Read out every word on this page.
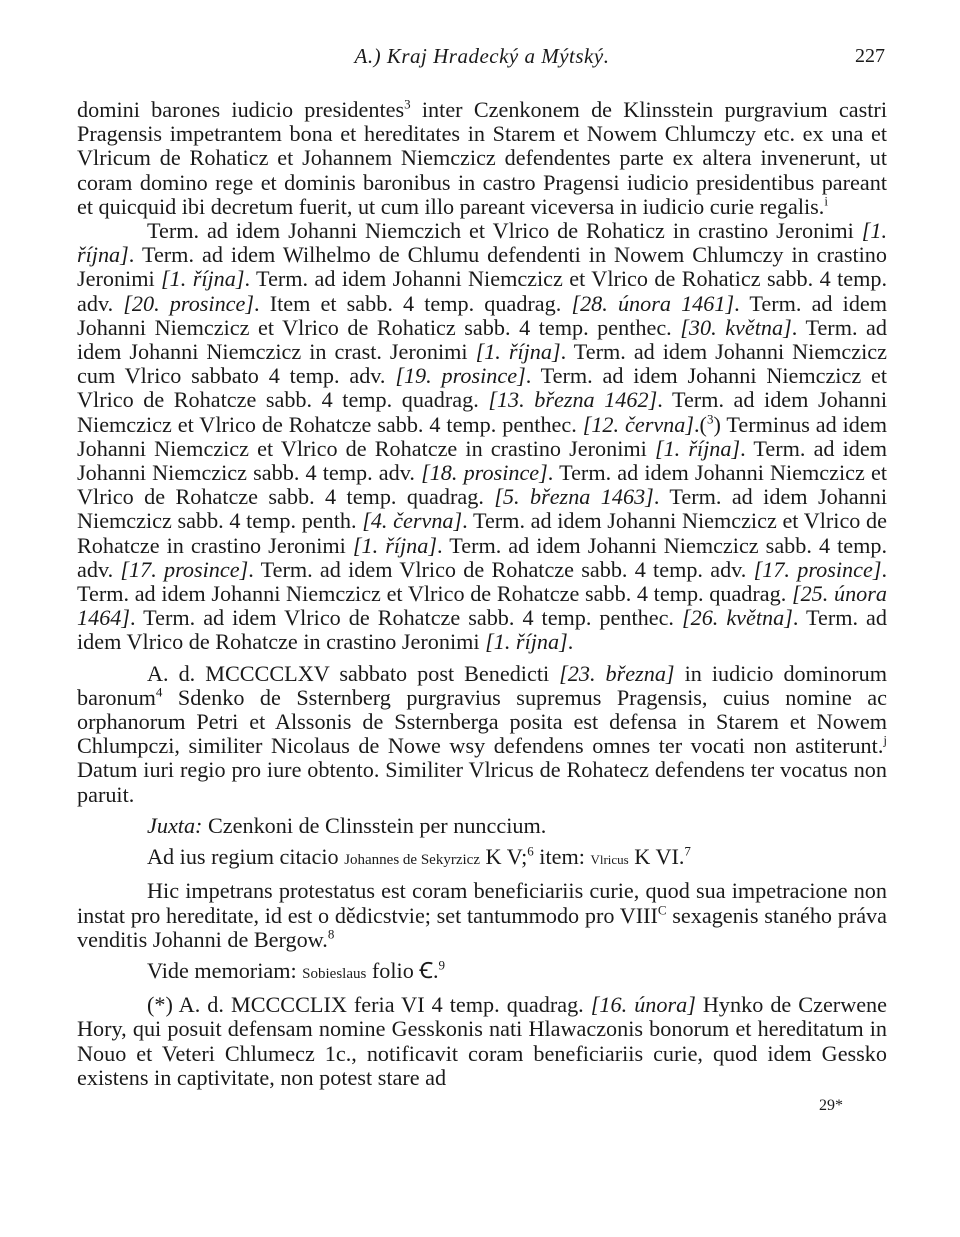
A.) Kraj Hradecký a Mýtský.	227

domini barones iudicio presidentes$^3$ inter Czenkonem de Klinsstein purgravium castri Pragensis impetrantem bona et hereditates in Starem et Nowem Chlumczy etc. ex una et Vlricum de Rohaticz et Johannem Niemczicz defendentes parte ex altera invenerunt, ut coram domino rege et dominis baronibus in castro Pragensi iudicio presidentibus pareant et quicquid ibi decretum fuerit, ut cum illo pareant viceversa in iudicio curie regalis.$^i$

Term. ad idem Johanni Niemczich et Vlrico de Rohaticz in crastino Jeronimi [1. října]. Term. ad idem Wilhelmo de Chlumu defendenti in Nowem Chlumczy in crastino Jeronimi [1. října]. Term. ad idem Johanni Niemczicz et Vlrico de Rohaticz sabb. 4 temp. adv. [20. prosince]. Item et sabb. 4 temp. quadrag. [28. února 1461]. Term. ad idem Johanni Niemczicz et Vlrico de Rohaticz sabb. 4 temp. penthec. [30. května]. Term. ad idem Johanni Niemczicz in crast. Jeronimi [1. října]. Term. ad idem Johanni Niemczicz cum Vlrico sabbato 4 temp. adv. [19. prosince]. Term. ad idem Johanni Niemczicz et Vlrico de Rohatcze sabb. 4 temp. quadrag. [13. března 1462]. Term. ad idem Johanni Niemczicz et Vlrico de Rohatcze sabb. 4 temp. penthec. [12. června].($^3$) Terminus ad idem Johanni Niemczicz et Vlrico de Rohatcze in crastino Jeronimi [1. října]. Term. ad idem Johanni Niemczicz sabb. 4 temp. adv. [18. prosince]. Term. ad idem Johanni Niemczicz et Vlrico de Rohatcze sabb. 4 temp. quadrag. [5. března 1463]. Term. ad idem Johanni Niemczicz sabb. 4 temp. penth. [4. června]. Term. ad idem Johanni Niemczicz et Vlrico de Rohatcze in crastino Jeronimi [1. října]. Term. ad idem Johanni Niemczicz sabb. 4 temp. adv. [17. prosince]. Term. ad idem Vlrico de Rohatcze sabb. 4 temp. adv. [17. prosince]. Term. ad idem Johanni Niemczicz et Vlrico de Rohatcze sabb. 4 temp. quadrag. [25. února 1464]. Term. ad idem Vlrico de Rohatcze sabb. 4 temp. penthec. [26. května]. Term. ad idem Vlrico de Rohatcze in crastino Jeronimi [1. října].

A. d. MCCCCLXV sabbato post Benedicti [23. března] in iudicio dominorum baronum$^4$ Sdenko de Ssternberg purgravius supremus Pragensis, cuius nomine ac orphanorum Petri et Alssonis de Ssternberga posita est defensa in Starem et Nowem Chlumpczi, similiter Nicolaus de Nowe wsy defendens omnes ter vocati non astiterunt.$^j$ Datum iuri regio pro iure obtento. Similiter Vlricus de Rohatecz defendens ter vocatus non paruit.

Juxta: Czenkoni de Clinsstein per nunccium.

Ad ius regium citacio Johannes de Sekyrzicz K V;$^6$ item: Vlricus K VI.$^7$

Hic impetrans protestatus est coram beneficiariis curie, quod sua impetracione non instat pro hereditate, id est o dědicstvie; set tantummodo pro $VIII^C$ sexagenis staného práva venditis Johanni de Bergow.$^8$

Vide memoriam: Sobieslaus folio Ꞓ.$^9$

(*) A. d. MCCCCLIX feria VI 4 temp. quadrag. [16. února] Hynko de Czerwene Hory, qui posuit defensam nomine Gesskonis nati Hlawaczonis bonorum et hereditatum in Nouo et Veteri Chlumecz 1c., notificavit coram beneficiariis curie, quod idem Gessko existens in captivitate, non potest stare ad

29*
